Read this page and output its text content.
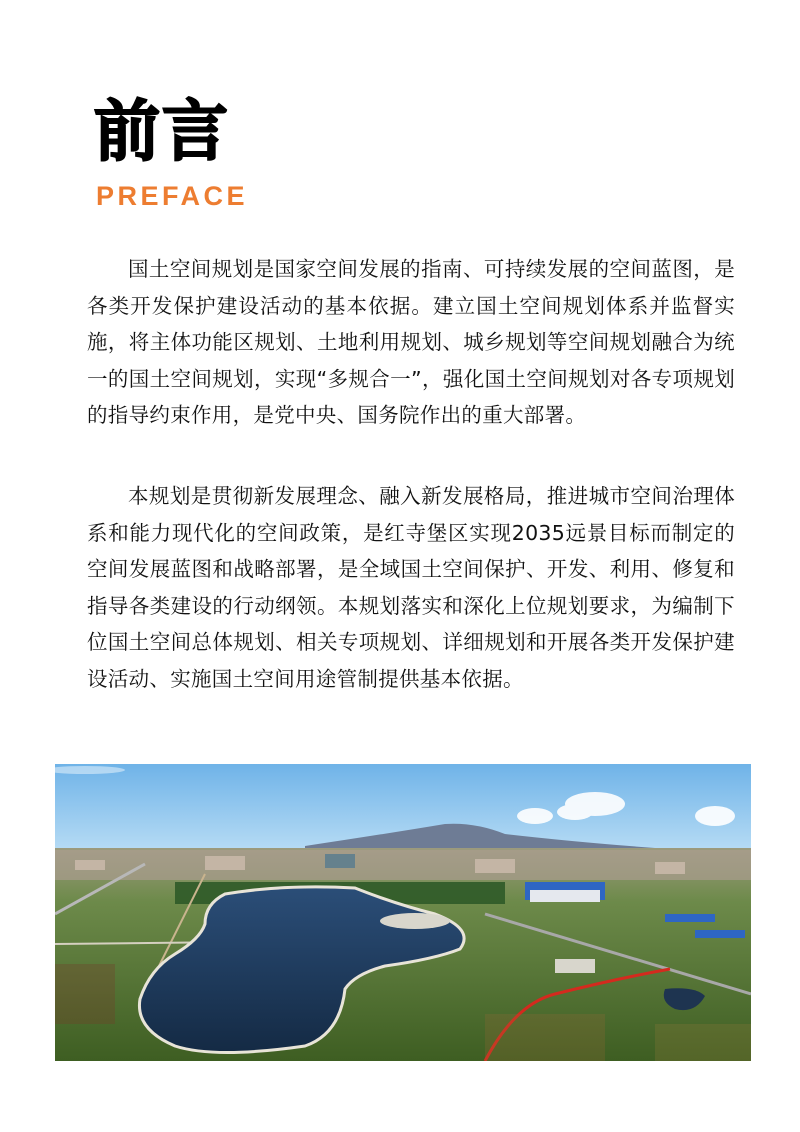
前言
PREFACE

国土空间规划是国家空间发展的指南、可持续发展的空间蓝图，是各类开发保护建设活动的基本依据。建立国土空间规划体系并监督实施，将主体功能区规划、土地利用规划、城乡规划等空间规划融合为统一的国土空间规划，实现“多规合一”，强化国土空间规划对各专项规划的指导约束作用，是党中央、国务院作出的重大部署。

本规划是贯彻新发展理念、融入新发展格局，推进城市空间治理体系和能力现代化的空间政策，是红寺堡区实现2035远景目标而制定的空间发展蓝图和战略部署，是全域国土空间保护、开发、利用、修复和指导各类建设的行动纲领。本规划落实和深化上位规划要求，为编制下位国土空间总体规划、相关专项规划、详细规划和开展各类开发保护建设活动、实施国土空间用途管制提供基本依据。
